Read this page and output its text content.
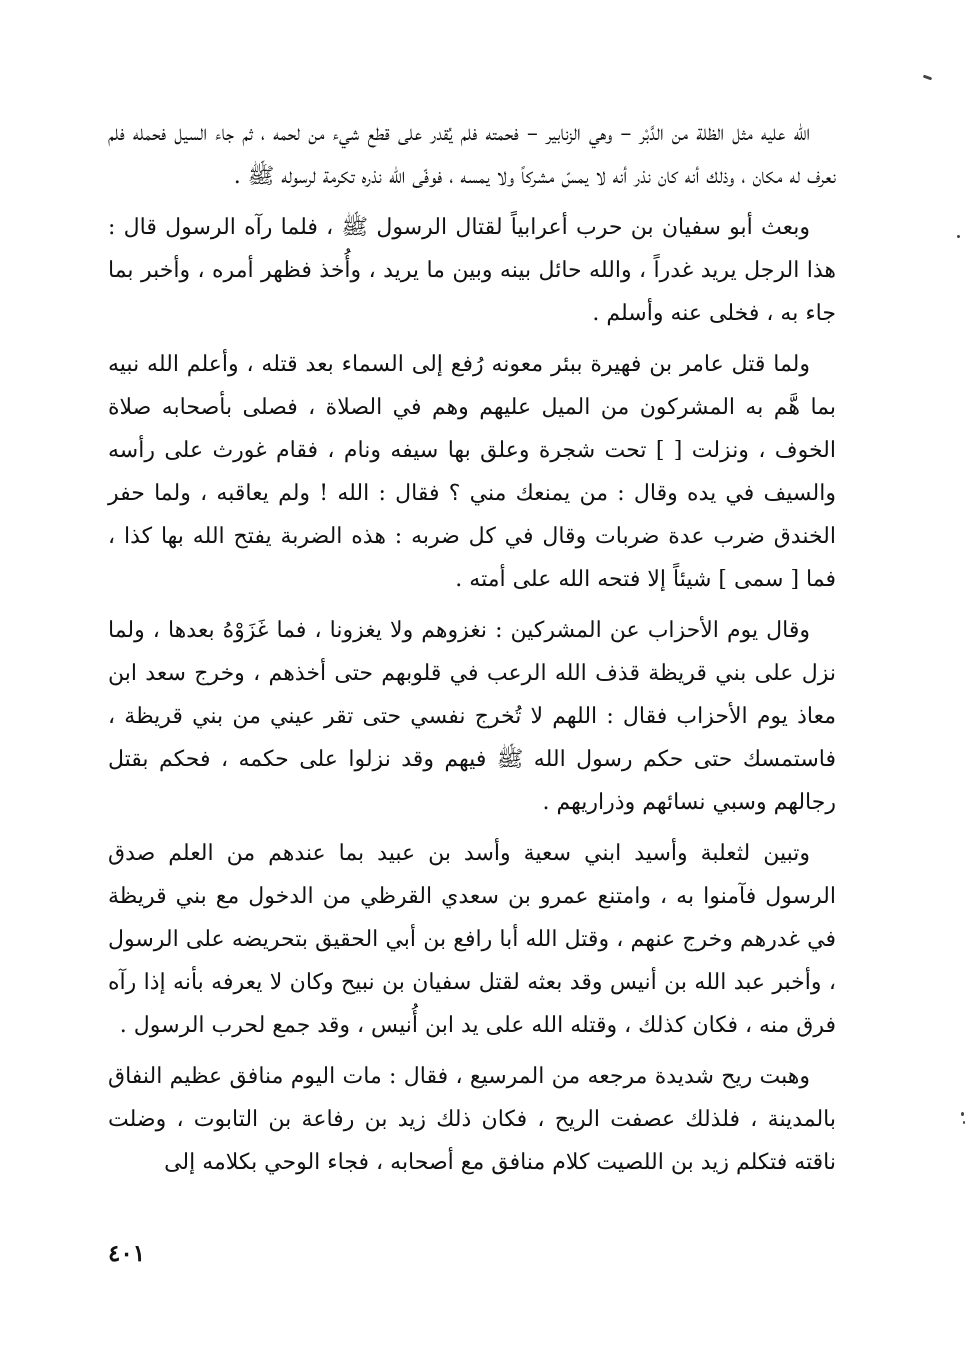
الله عليه مثل الظلة من الدَّبْر – وهي الزنابير – فحمته فلم يُقدر على قطع شيء من لحمه ، ثم جاء السيل فحمله فلم نعرف له مكان ، وذلك أنه كان نذر أنه لا يمسّ مشركاً ولا يمسه ، فوفّى الله نذره تكرمة لرسوله ﷺ .

وبعث أبو سفيان بن حرب أعرابياً لقتال الرسول ﷺ ، فلما رآه الرسول قال : هذا الرجل يريد غدراً ، والله حائل بينه وبين ما يريد ، وأُخذ فظهر أمره ، وأخبر بما جاء به ، فخلى عنه وأسلم .

ولما قتل عامر بن فهيرة ببئر معونه رُفع إلى السماء بعد قتله ، وأعلم الله نبيه بما هَّم به المشركون من الميل عليهم وهم في الصلاة ، فصلى بأصحابه صلاة الخوف ، ونزلت [ ] تحت شجرة وعلق بها سيفه ونام ، فقام غورث على رأسه والسيف في يده وقال : من يمنعك مني ؟ فقال : الله ! ولم يعاقبه ، ولما حفر الخندق ضرب عدة ضربات وقال في كل ضربه : هذه الضربة يفتح الله بها كذا ، فما [ سمى ] شيئاً إلا فتحه الله على أمته .

وقال يوم الأحزاب عن المشركين : نغزوهم ولا يغزونا ، فما غَزَوْهُ بعدها ، ولما نزل على بني قريظة قذف الله الرعب في قلوبهم حتى أخذهم ، وخرج سعد ابن معاذ يوم الأحزاب فقال : اللهم لا تُخرج نفسي حتى تقر عيني من بني قريظة ، فاستمسك حتى حكم رسول الله ﷺ فيهم وقد نزلوا على حكمه ، فحكم بقتل رجالهم وسبي نسائهم وذراريهم .

وتبين لثعلبة وأسيد ابني سعية وأسد بن عبيد بما عندهم من العلم صدق الرسول فآمنوا به ، وامتنع عمرو بن سعدي القرظي من الدخول مع بني قريظة في غدرهم وخرج عنهم ، وقتل الله أبا رافع بن أبي الحقيق بتحريضه على الرسول ، وأخبر عبد الله بن أنيس وقد بعثه لقتل سفيان بن نبيح وكان لا يعرفه بأنه إذا رآه فرق منه ، فكان كذلك ، وقتله الله على يد ابن أُنيس ، وقد جمع لحرب الرسول .

وهبت ريح شديدة مرجعه من المرسيع ، فقال : مات اليوم منافق عظيم النفاق بالمدينة ، فلذلك عصفت الريح ، فكان ذلك زيد بن رفاعة بن التابوت ، وضلت ناقته فتكلم زيد بن اللصيت كلام منافق مع أصحابه ، فجاء الوحي بكلامه إلى

٤٠١
